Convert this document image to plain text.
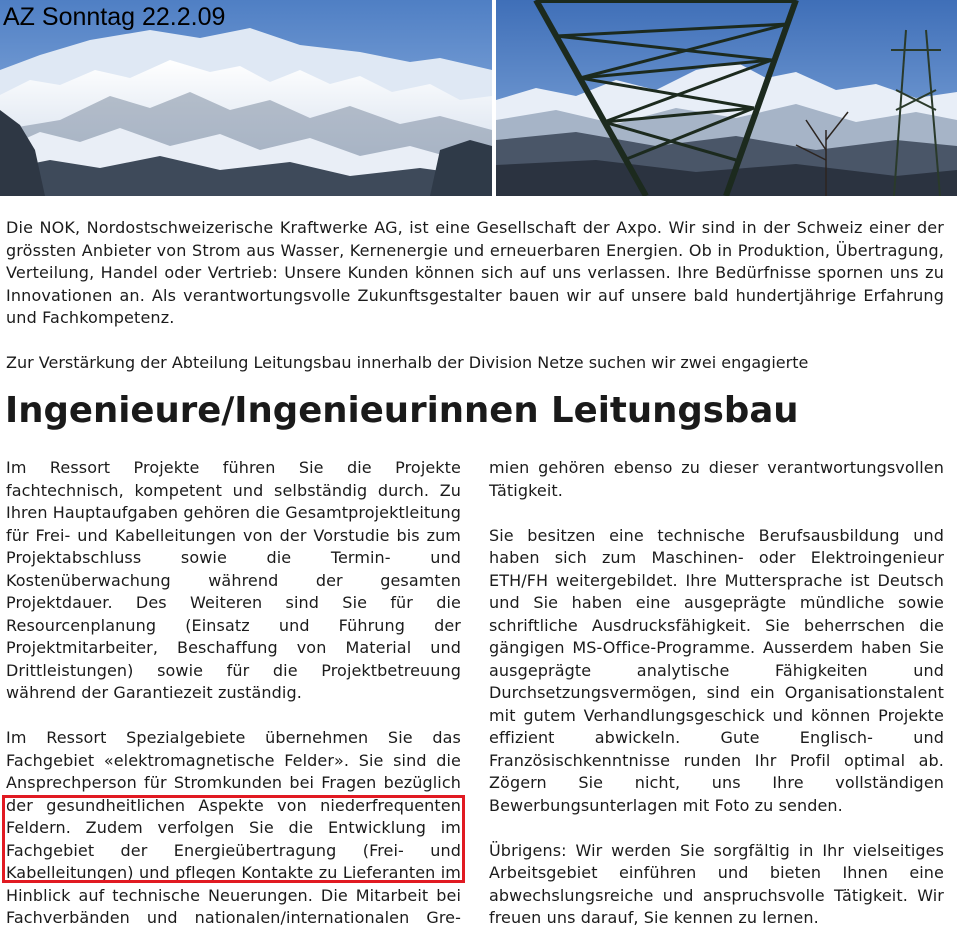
AZ Sonntag 22.2.09

Die NOK, Nordostschweizerische Kraftwerke AG, ist eine Gesellschaft der Axpo. Wir sind in der Schweiz einer der grössten Anbieter von Strom aus Wasser, Kernenergie und erneuerbaren Energien. Ob in Produktion, Übertragung, Verteilung, Handel oder Vertrieb: Unsere Kunden können sich auf uns verlassen. Ihre Bedürfnisse spornen uns zu Innovationen an. Als verantwortungsvolle Zukunftsgestalter bauen wir auf unsere bald hundertjährige Erfahrung und Fachkompetenz.

Zur Verstärkung der Abteilung Leitungsbau innerhalb der Division Netze suchen wir zwei engagierte

Ingenieure/Ingenieurinnen Leitungsbau

Im Ressort Projekte führen Sie die Projekte fachtechnisch, kompetent und selbständig durch. Zu Ihren Hauptaufgaben gehören die Gesamtprojektleitung für Frei- und Kabelleitungen von der Vorstudie bis zum Projektabschluss sowie die Termin- und Kostenüberwachung während der gesamten Projektdauer. Des Weiteren sind Sie für die Resourcenplanung (Einsatz und Führung der Projektmitarbeiter, Beschaffung von Material und Drittleistungen) sowie für die Projektbetreuung während der Garantiezeit zuständig.

Im Ressort Spezialgebiete übernehmen Sie das Fachgebiet «elektromagnetische Felder». Sie sind die Ansprechperson für Stromkunden bei Fragen bezüglich der gesundheitlichen Aspekte von niederfrequenten Feldern. Zudem verfolgen Sie die Entwicklung im Fachgebiet der Energieübertragung (Frei- und Kabelleitungen) und pflegen Kontakte zu Lieferanten im Hinblick auf technische Neuerungen. Die Mitarbeit bei Fachverbänden und nationalen/internationalen Gre-

mien gehören ebenso zu dieser verantwortungsvollen Tätigkeit.

Sie besitzen eine technische Berufsausbildung und haben sich zum Maschinen- oder Elektroingenieur ETH/FH weitergebildet. Ihre Muttersprache ist Deutsch und Sie haben eine ausgeprägte mündliche sowie schriftliche Ausdrucksfähigkeit. Sie beherrschen die gängigen MS-Office-Programme. Ausserdem haben Sie ausgeprägte analytische Fähigkeiten und Durchsetzungsvermögen, sind ein Organisationstalent mit gutem Verhandlungsgeschick und können Projekte effizient abwickeln. Gute Englisch- und Französischkenntnisse runden Ihr Profil optimal ab. Zögern Sie nicht, uns Ihre vollständigen Bewerbungsunterlagen mit Foto zu senden.

Übrigens: Wir werden Sie sorgfältig in Ihr vielseitiges Arbeitsgebiet einführen und bieten Ihnen eine abwechslungsreiche und anspruchsvolle Tätigkeit. Wir freuen uns darauf, Sie kennen zu lernen.
